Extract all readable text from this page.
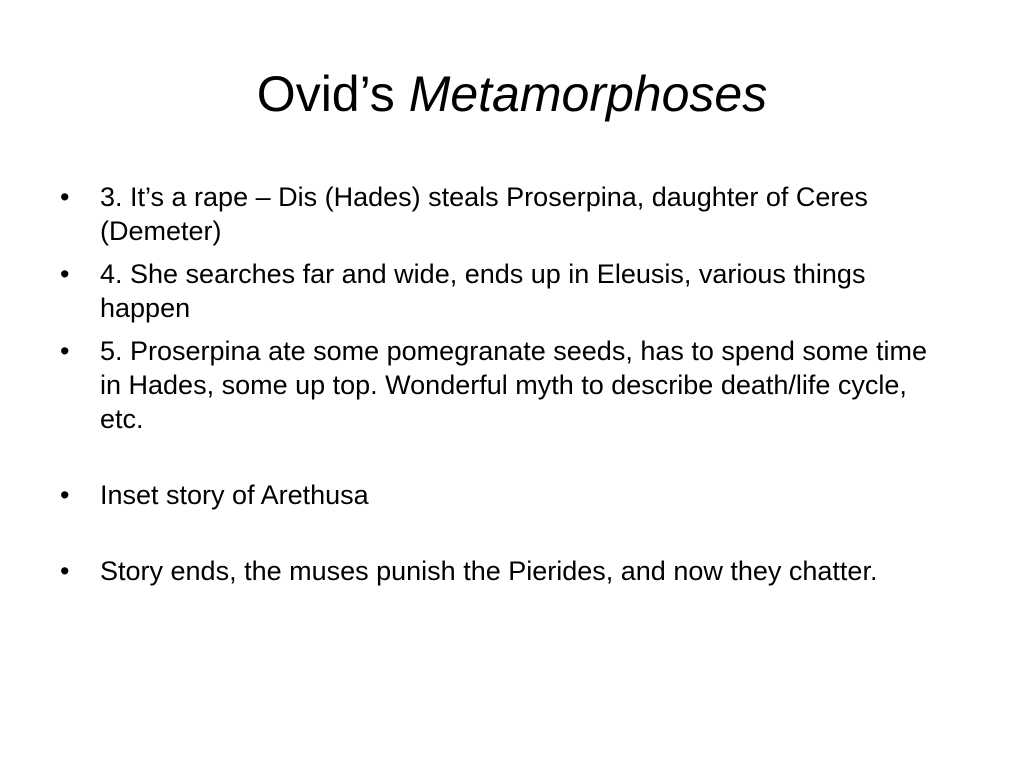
Ovid’s Metamorphoses
•	3. It’s a rape – Dis (Hades) steals Proserpina, daughter of Ceres (Demeter)
•	4. She searches far and wide, ends up in Eleusis, various things happen
•	5. Proserpina ate some pomegranate seeds, has to spend some time in Hades, some up top. Wonderful myth to describe death/life cycle, etc.
•	Inset story of Arethusa
•	Story ends, the muses punish the Pierides, and now they chatter.
